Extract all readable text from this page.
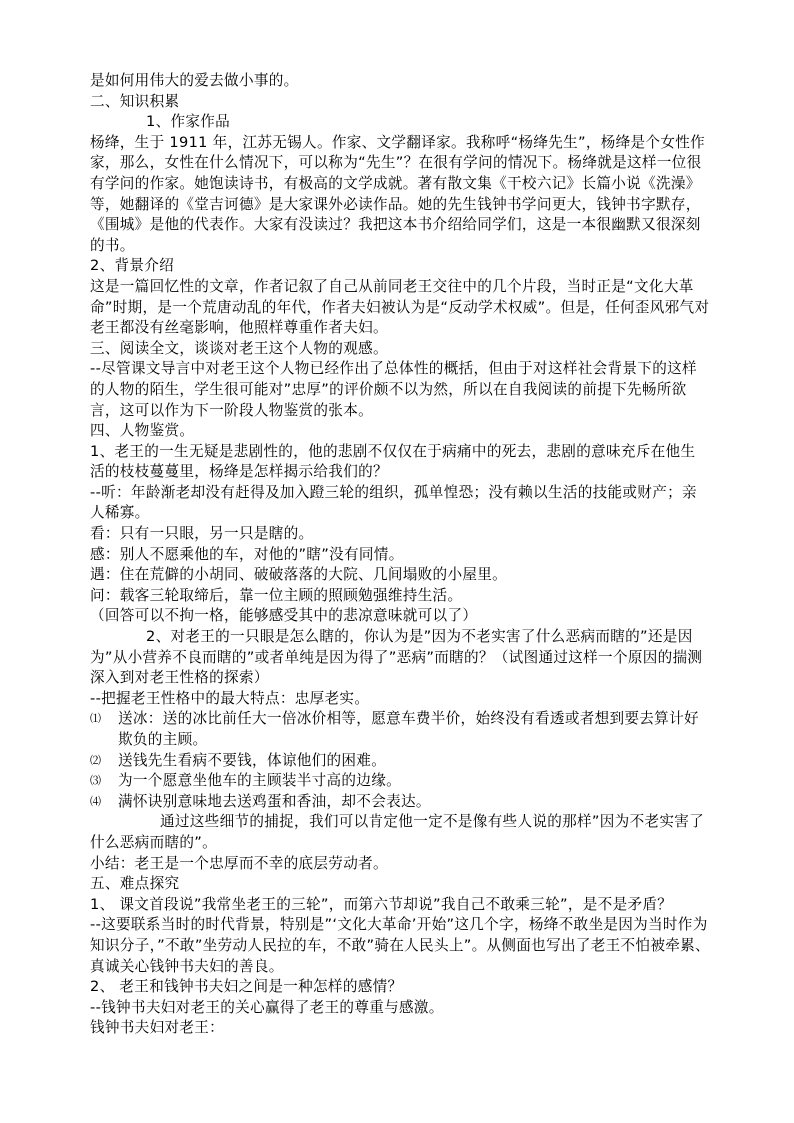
是如何用伟大的爱去做小事的。

二、知识积累

1、作家作品

杨绛，生于 1911 年，江苏无锡人。作家、文学翻译家。我称呼“杨绛先生”，杨绛是个女性作家，那么，女性在什么情况下，可以称为“先生”？在很有学问的情况下。杨绛就是这样一位很有学问的作家。她饱读诗书，有极高的文学成就。著有散文集《干校六记》长篇小说《洗澡》等，她翻译的《堂吉诃德》是大家课外必读作品。她的先生钱钟书学问更大，钱钟书字默存，《围城》是他的代表作。大家有没读过？我把这本书介绍给同学们，这是一本很幽默又很深刻的书。

2、背景介绍

这是一篇回忆性的文章，作者记叙了自己从前同老王交往中的几个片段，当时正是“文化大革命”时期，是一个荒唐动乱的年代，作者夫妇被认为是“反动学术权威”。但是，任何歪风邪气对老王都没有丝毫影响，他照样尊重作者夫妇。

三、阅读全文，谈谈对老王这个人物的观感。

--尽管课文导言中对老王这个人物已经作出了总体性的概括，但由于对这样社会背景下的这样的人物的陌生，学生很可能对”忠厚”的评价颇不以为然，所以在自我阅读的前提下先畅所欲言，这可以作为下一阶段人物鉴赏的张本。

四、人物鉴赏。

1、老王的一生无疑是悲剧性的，他的悲剧不仅仅在于病痛中的死去，悲剧的意味充斥在他生活的枝枝蔓蔓里，杨绛是怎样揭示给我们的？

--听：年龄渐老却没有赶得及加入蹬三轮的组织，孤单惶恐；没有赖以生活的技能或财产；亲人稀寡。

看：只有一只眼，另一只是瞎的。

感：别人不愿乘他的车，对他的”瞎”没有同情。

遇：住在荒僻的小胡同、破破落落的大院、几间塌败的小屋里。

问：载客三轮取缔后，靠一位主顾的照顾勉强维持生活。

（回答可以不拘一格，能够感受其中的悲凉意味就可以了）

2、对老王的一只眼是怎么瞎的，你认为是”因为不老实害了什么恶病而瞎的”还是因为”从小营养不良而瞎的”或者单纯是因为得了”恶病”而瞎的？（试图通过这样一个原因的揣测深入到对老王性格的探索）

--把握老王性格中的最大特点：忠厚老实。

⑴	送冰：送的冰比前任大一倍冰价相等，愿意车费半价，始终没有看透或者想到要去算计好欺负的主顾。
⑵	送钱先生看病不要钱，体谅他们的困难。
⑶	为一个愿意坐他车的主顾装半寸高的边缘。
⑷	满怀诀别意味地去送鸡蛋和香油，却不会表达。

通过这些细节的捕捉，我们可以肯定他一定不是像有些人说的那样”因为不老实害了什么恶病而瞎的”。

小结：老王是一个忠厚而不幸的底层劳动者。

五、难点探究

1、 课文首段说”我常坐老王的三轮”，而第六节却说”我自己不敢乘三轮”，是不是矛盾？

--这要联系当时的时代背景，特别是”‘文化大革命’开始”这几个字，杨绛不敢坐是因为当时作为知识分子，”不敢”坐劳动人民拉的车，不敢”骑在人民头上”。从侧面也写出了老王不怕被牵累、真诚关心钱钟书夫妇的善良。

2、 老王和钱钟书夫妇之间是一种怎样的感情？

--钱钟书夫妇对老王的关心赢得了老王的尊重与感激。

钱钟书夫妇对老王：
